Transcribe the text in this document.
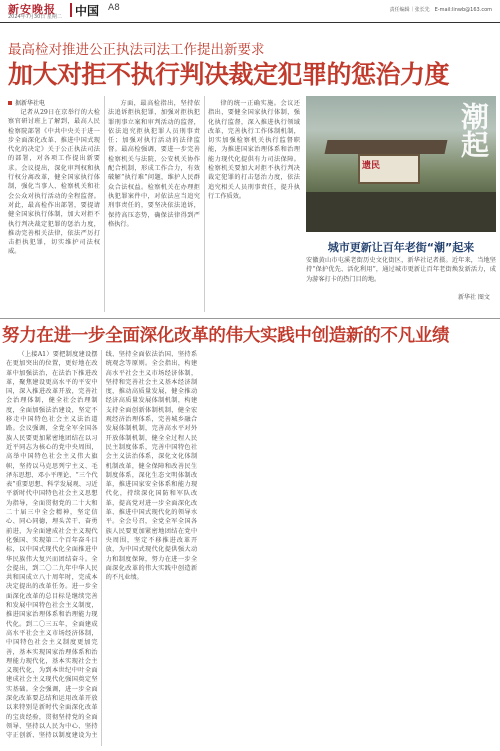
新安晚报
2024年7月30日 星期二 中国 A8	责任编辑｜张长先　E-mail:linwb@163.com
最高检对推进公正执法司法工作提出新要求
加大对拒不执行判决裁定犯罪的惩治力度
据新华社电

记者从29日在京举行的大检察官研讨班上了解到，最高人民检察院部署《中共中央关于进一步全面深化改革、推进中国式现代化的决定》关于公正执法司法的部署，对各项工作提出新要求。会议提出，深化审判权和执行权分离改革，健全国家执行体制，强化当事人、检察机关和社会公众对执行活动的全程监督。对此，最高检作出部署，要提请健全国家执行体制，加大对拒不执行判决裁定犯罪的惩治力度，推动完善相关法律，依法严厉打击拒执犯罪，切实维护司法权威。

方面，最高检指出，坚持依法追诉拒执犯罪，加强对拒执犯罪刑事立案和审判活动的监督，依法追究拒执犯罪人员刑事责任；加强对执行活动的法律监督。最高检强调，要进一步完善检察机关与法院、公安机关协作配合机制，形成工作合力，有效破解“执行难”问题，维护人民群众合法权益。检察机关在办理拒执犯罪案件中，对依法应当追究刑事责任的，要坚决依法追诉，保持高压态势，确保法律得到严格执行。

律的统一正确实施。会议还指出，要健全国家执行体制，强化执行监督，深入推进执行领域改革，完善执行工作体制机制，切实加强检察机关执行监督职能，为推进国家治理体系和治理能力现代化提供有力司法保障。检察机关要加大对拒不执行判决裁定犯罪的打击惩治力度，依法追究相关人员刑事责任，提升执行工作质效。

遗民
潮起
城市更新让百年老街“潮”起来
安徽黄山市屯溪老街历史文化街区，新华社记者摄。近年来，当地坚持“保护优先、活化利用”，通过城市更新让百年老街焕发新活力，成为游客打卡的热门目的地。
新华社 图文
努力在进一步全面深化改革的伟大实践中创造新的不凡业绩

（上接A1）要把制度建设摆在更加突出的位置，更好地在改革中加强法治，在法治下推进改革，聚焦建设更高水平的平安中国，深入推进改革开放，完善社会治理体制，健全社会治理制度，全面加强法治建设，坚定不移走中国特色社会主义法治道路。会议强调，全党全军全国各族人民要更加紧密地团结在以习近平同志为核心的党中央周围，高举中国特色社会主义伟大旗帜，坚持以马克思列宁主义、毛泽东思想、邓小平理论、“三个代表”重要思想、科学发展观、习近平新时代中国特色社会主义思想为指导，全面贯彻党的二十大和二十届三中全会精神，坚定信心、同心同德，埋头苦干、奋勇前进，为全面建成社会主义现代化强国、实现第二个百年奋斗目标，以中国式现代化全面推进中华民族伟大复兴而团结奋斗。全会提出，到二〇二九年中华人民共和国成立八十周年时，完成本决定提出的改革任务。进一步全面深化改革的总目标是继续完善和发展中国特色社会主义制度，推进国家治理体系和治理能力现代化。到二〇三五年，全面建成高水平社会主义市场经济体制，中国特色社会主义制度更加完善，基本实现国家治理体系和治理能力现代化，基本实现社会主义现代化，为到本世纪中叶全面建成社会主义现代化强国奠定坚实基础。全会强调，进一步全面深化改革要总结和运用改革开放以来特别是新时代全面深化改革的宝贵经验，贯彻坚持党的全面领导、坚持以人民为中心、坚持守正创新、坚持以制度建设为主线、坚持全面依法治国、坚持系统观念等原则。全会指出，构建高水平社会主义市场经济体制，坚持和完善社会主义基本经济制度，推动高质量发展，健全推动经济高质量发展体制机制，构建支持全面创新体制机制，健全宏观经济治理体系，完善城乡融合发展体制机制，完善高水平对外开放体制机制，健全全过程人民民主制度体系，完善中国特色社会主义法治体系，深化文化体制机制改革，健全保障和改善民生制度体系，深化生态文明体制改革，推进国家安全体系和能力现代化，持续深化国防和军队改革，提高党对进一步全面深化改革、推进中国式现代化的领导水平。全会号召，全党全军全国各族人民要更加紧密地团结在党中央周围，坚定不移推进改革开放，为中国式现代化提供强大动力和制度保障，努力在进一步全面深化改革的伟大实践中创造新的不凡业绩。
